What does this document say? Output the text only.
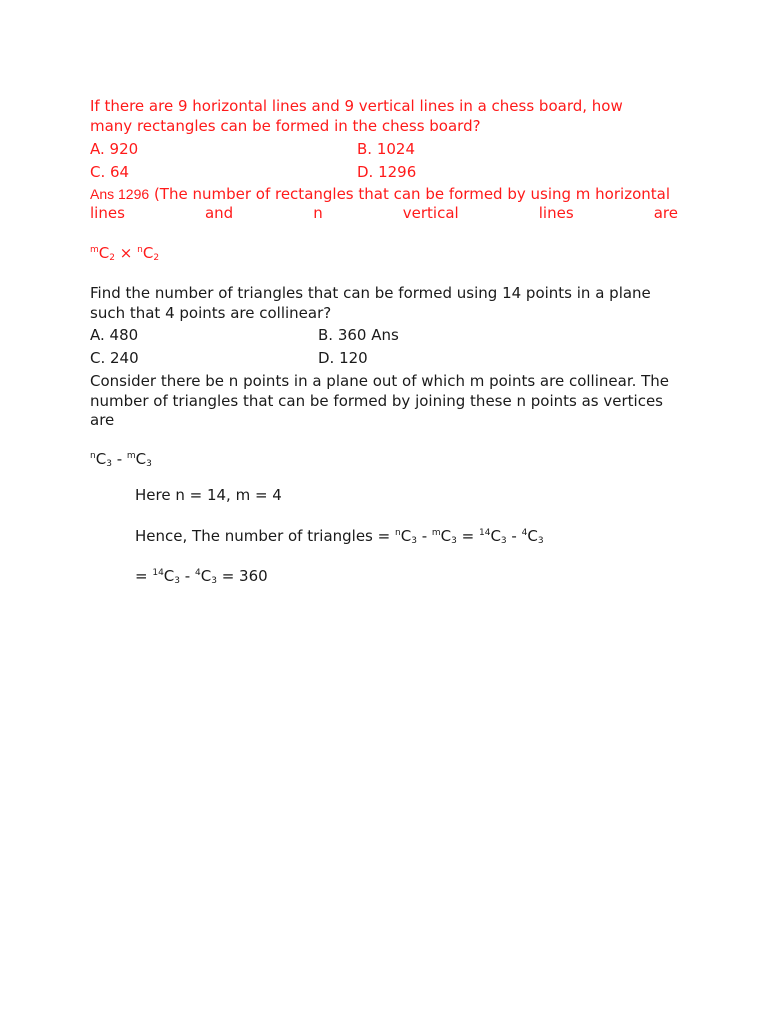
If there are 9 horizontal lines and 9 vertical lines in a chess board, how
many rectangles can be formed in the chess board?
A. 920	B. 1024
C. 64	D. 1296
Ans 1296 (The number of rectangles that can be formed by using m horizontal
lines	and	n	vertical	lines	are
$^mC_2 \times ^nC_2$
Find the number of triangles that can be formed using 14 points in a plane
such that 4 points are collinear?
A. 480	B. 360 Ans
C. 240	D. 120
Consider there be n points in a plane out of which m points are collinear. The
number of triangles that can be formed by joining these n points as vertices
are
$^nC_3 - ^mC_3$
Here n = 14, m = 4
Hence, The number of triangles = $^nC_3 - ^mC_3 = ^{14}C_3 - ^4C_3$
= $^{14}C_3 - ^4C_3 = 360$
